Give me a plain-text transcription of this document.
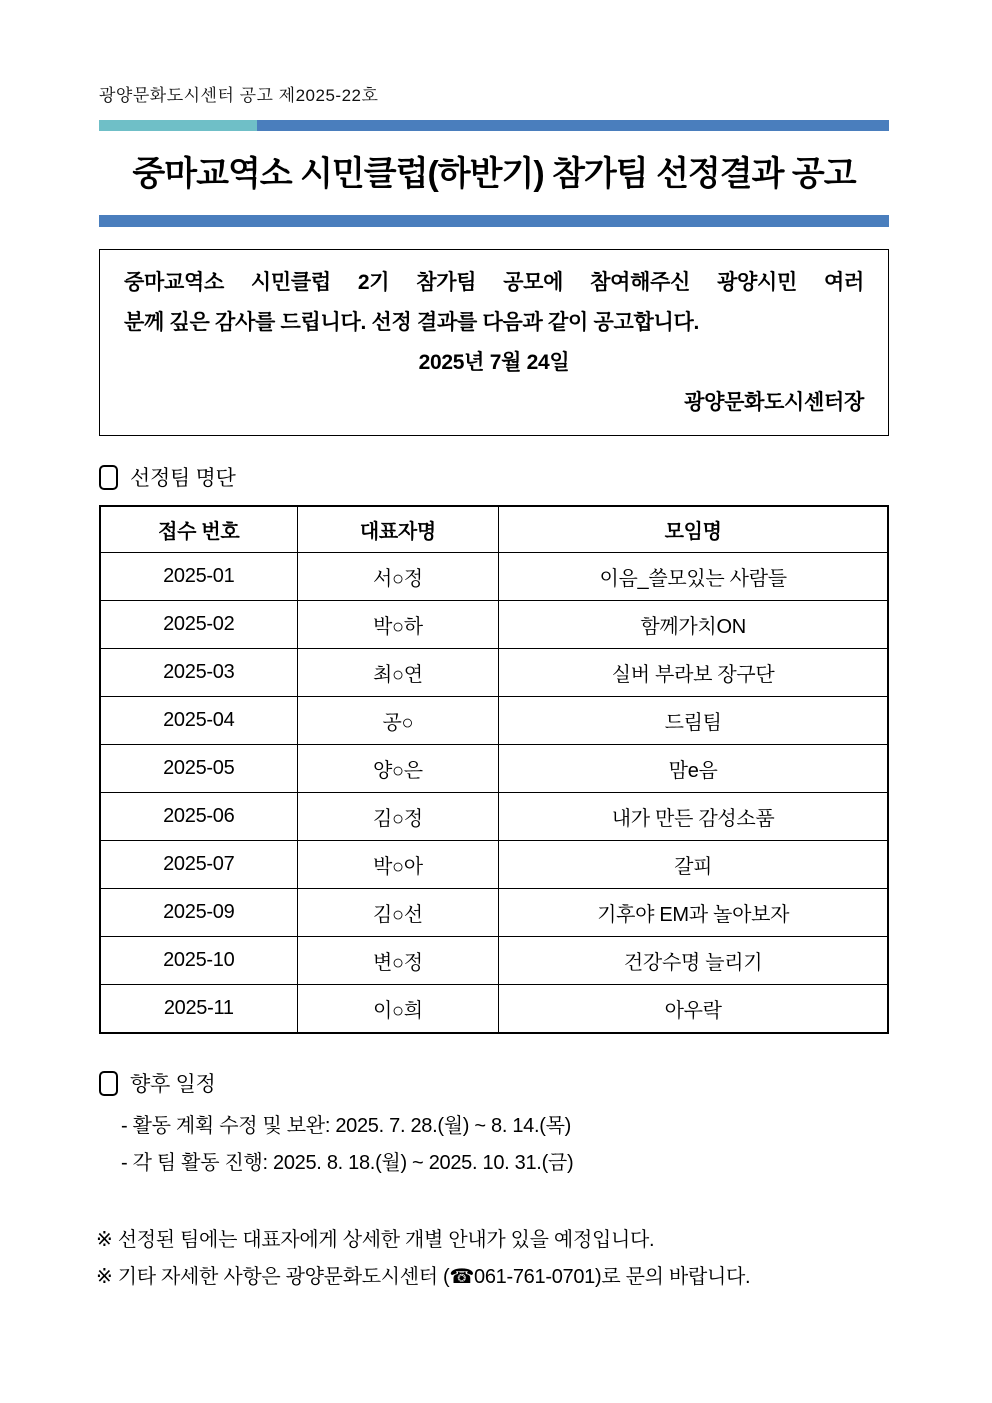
광양문화도시센터 공고 제2025-22호
중마교역소 시민클럽(하반기) 참가팀 선정결과 공고
중마교역소 시민클럽 2기 참가팀 공모에 참여해주신 광양시민 여러
분께 깊은 감사를 드립니다. 선정 결과를 다음과 같이 공고합니다.
2025년 7월 24일
광양문화도시센터장
선정팀 명단
접수 번호	대표자명	모임명
2025-01	서○정	이음_쓸모있는 사람들
2025-02	박○하	함께가치ON
2025-03	최○연	실버 부라보 장구단
2025-04	공○	드림팀
2025-05	양○은	맘e음
2025-06	김○정	내가 만든 감성소품
2025-07	박○아	갈피
2025-09	김○선	기후야 EM과 놀아보자
2025-10	변○정	건강수명 늘리기
2025-11	이○희	아우락
향후 일정
- 활동 계획 수정 및 보완: 2025. 7. 28.(월) ~ 8. 14.(목)
- 각 팀 활동 진행: 2025. 8. 18.(월) ~ 2025. 10. 31.(금)
※ 선정된 팀에는 대표자에게 상세한 개별 안내가 있을 예정입니다.
※ 기타 자세한 사항은 광양문화도시센터 (☎061-761-0701)로 문의 바랍니다.
